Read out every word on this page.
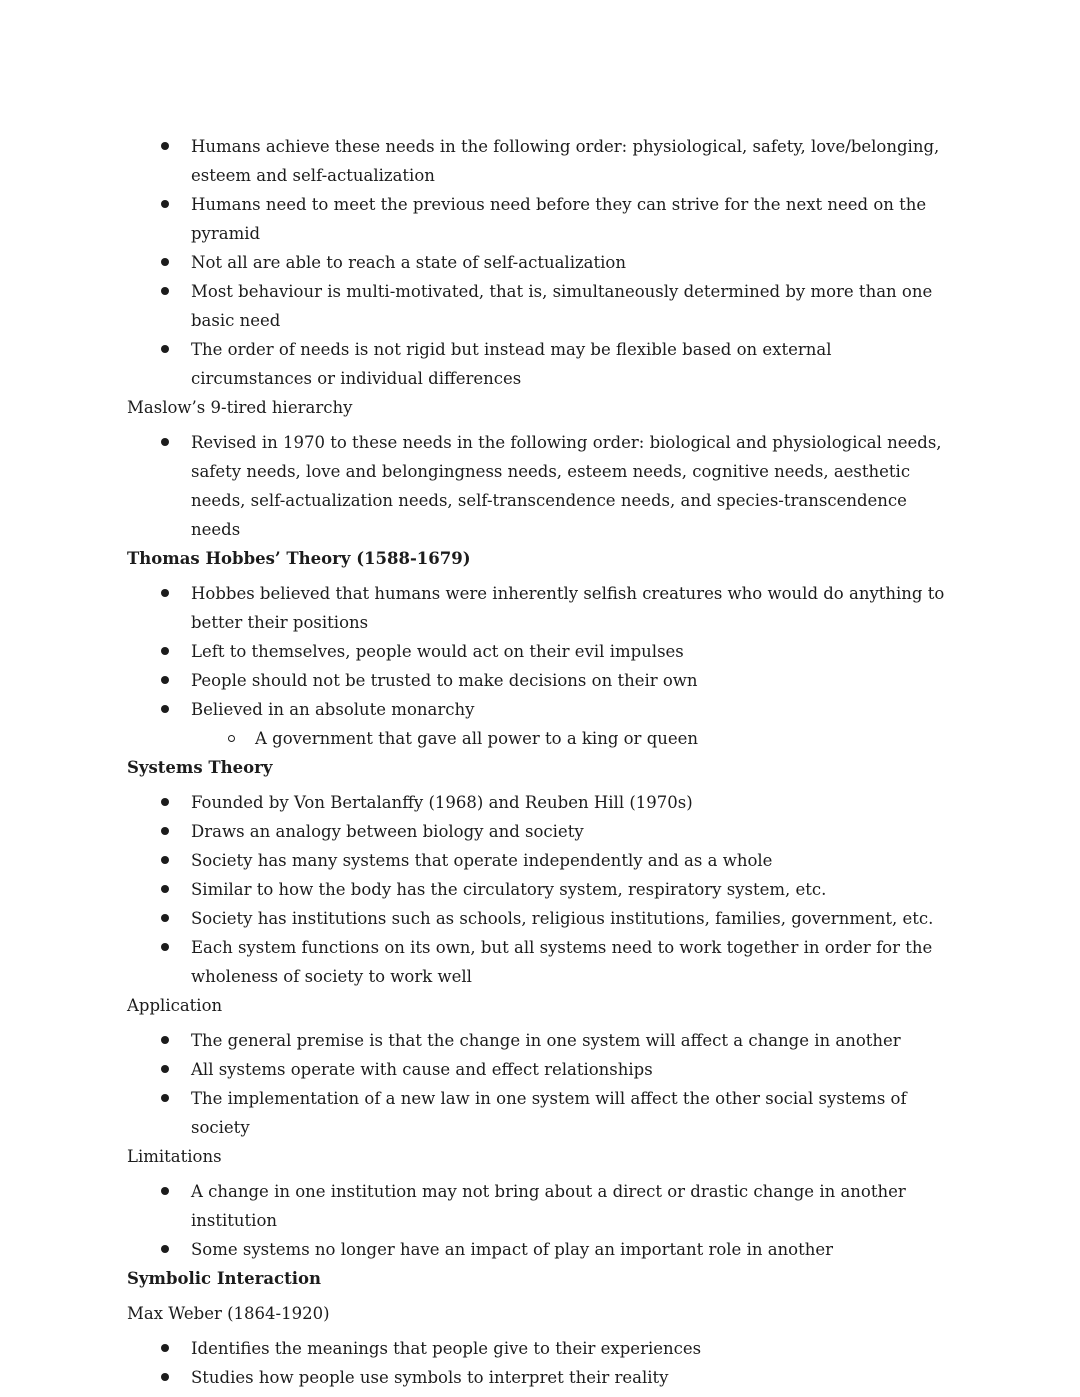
Humans achieve these needs in the following order: physiological, safety, love/belonging, esteem and self-actualization
Humans need to meet the previous need before they can strive for the next need on the pyramid
Not all are able to reach a state of self-actualization
Most behaviour is multi-motivated, that is, simultaneously determined by more than one basic need
The order of needs is not rigid but instead may be flexible based on external circumstances or individual differences

Maslow’s 9-tired hierarchy

Revised in 1970 to these needs in the following order: biological and physiological needs, safety needs, love and belongingness needs, esteem needs, cognitive needs, aesthetic needs, self-actualization needs, self-transcendence needs, and species-transcendence needs

Thomas Hobbes’ Theory (1588-1679)

Hobbes believed that humans were inherently selfish creatures who would do anything to better their positions
Left to themselves, people would act on their evil impulses
People should not be trusted to make decisions on their own
Believed in an absolute monarchy
A government that gave all power to a king or queen

Systems Theory

Founded by Von Bertalanffy (1968) and Reuben Hill (1970s)
Draws an analogy between biology and society
Society has many systems that operate independently and as a whole
Similar to how the body has the circulatory system, respiratory system, etc.
Society has institutions such as schools, religious institutions, families, government, etc.
Each system functions on its own, but all systems need to work together in order for the wholeness of society to work well

Application

The general premise is that the change in one system will affect a change in another
All systems operate with cause and effect relationships
The implementation of a new law in one system will affect the other social systems of society

Limitations

A change in one institution may not bring about a direct or drastic change in another institution
Some systems no longer have an impact of play an important role in another

Symbolic Interaction

Max Weber (1864-1920)

Identifies the meanings that people give to their experiences
Studies how people use symbols to interpret their reality
